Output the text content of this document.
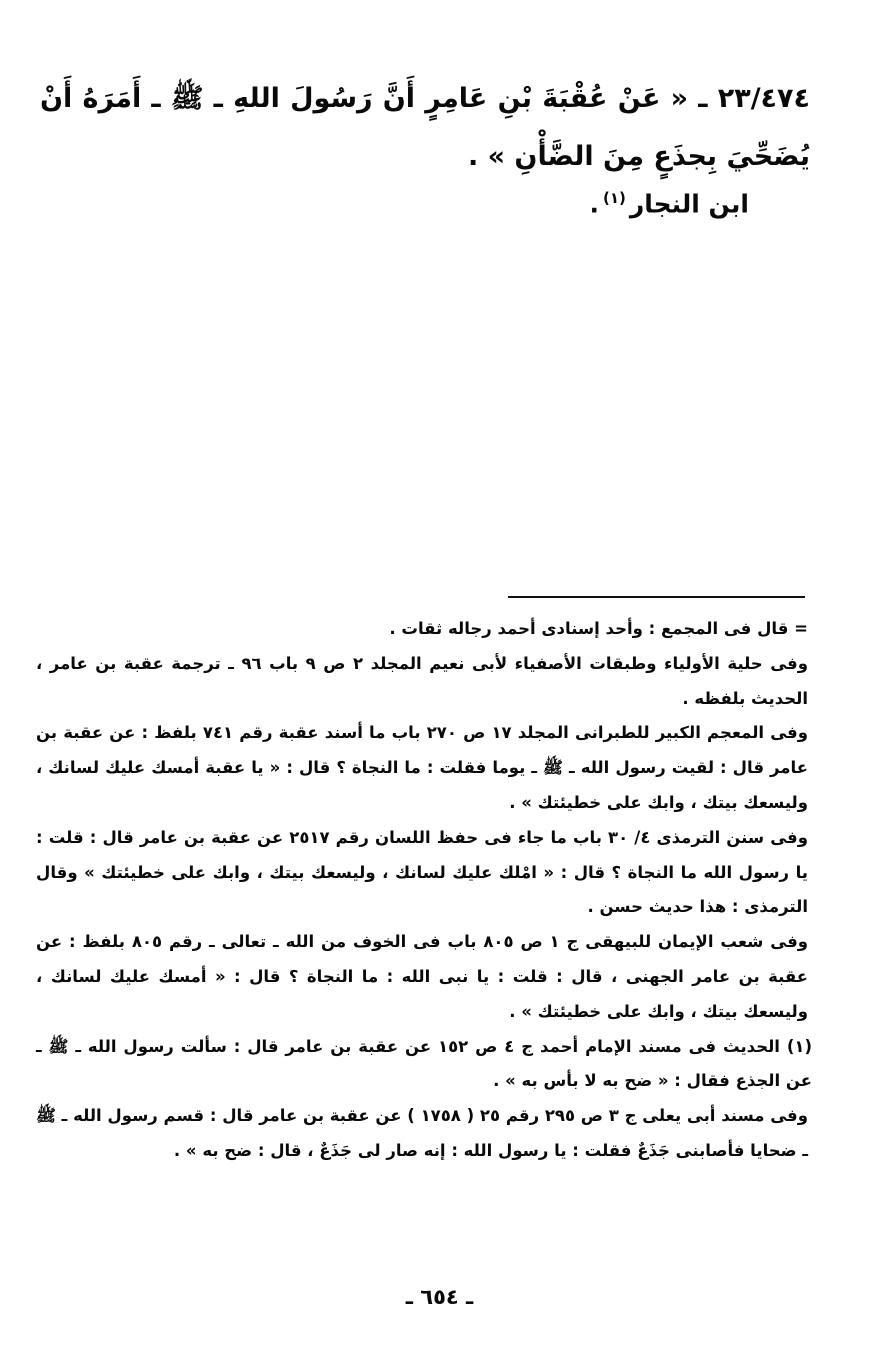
٢٣/٤٧٤ ـ « عَنْ عُقْبَةَ بْنِ عَامِرٍ أَنَّ رَسُولَ اللهِ ـ ﷺ ـ أَمَرَهُ أَنْ يُضَحِّيَ بِجذَعٍ مِنَ الضَّأْنِ » .
ابن النجار$^{(١)}$.

= قال فى المجمع : وأحد إسنادى أحمد رجاله ثقات .

وفى حلية الأولياء وطبقات الأصفياء لأبى نعيم المجلد ٢ ص ٩ باب ٩٦ ـ ترجمة عقبة بن عامر ، الحديث بلفظه .

وفى المعجم الكبير للطبرانى المجلد ١٧ ص ٢٧٠ باب ما أسند عقبة رقم ٧٤١ بلفظ : عن عقبة بن عامر قال : لقيت رسول الله ـ ﷺ ـ يوما فقلت : ما النجاة ؟ قال : « يا عقبة أمسك عليك لسانك ، وليسعك بيتك ، وابك على خطيئتك » .

وفى سنن الترمذى ٤/ ٣٠ باب ما جاء فى حفظ اللسان رقم ٢٥١٧ عن عقبة بن عامر قال : قلت : يا رسول الله ما النجاة ؟ قال : « امْلك عليك لسانك ، وليسعك بيتك ، وابك على خطيئتك » وقال الترمذى : هذا حديث حسن .

وفى شعب الإيمان للبيهقى ج ١ ص ٨٠٥ باب فى الخوف من الله ـ تعالى ـ رقم ٨٠٥ بلفظ : عن عقبة بن عامر الجهنى ، قال : قلت : يا نبى الله : ما النجاة ؟ قال : « أمسك عليك لسانك ، وليسعك بيتك ، وابك على خطيئتك » .

(١) الحديث فى مسند الإمام أحمد ج ٤ ص ١٥٢ عن عقبة بن عامر قال : سألت رسول الله ـ ﷺ ـ عن الجذع فقال : « ضح به لا بأس به » .

وفى مسند أبى يعلى ج ٣ ص ٢٩٥ رقم ٢٥ ( ١٧٥٨ ) عن عقبة بن عامر قال : قسم رسول الله ـ ﷺ ـ ضحايا فأصابنى جَذَعٌ فقلت : يا رسول الله : إنه صار لى جَذَعٌ ، قال : ضح به » .

ـ ٦٥٤ ـ
